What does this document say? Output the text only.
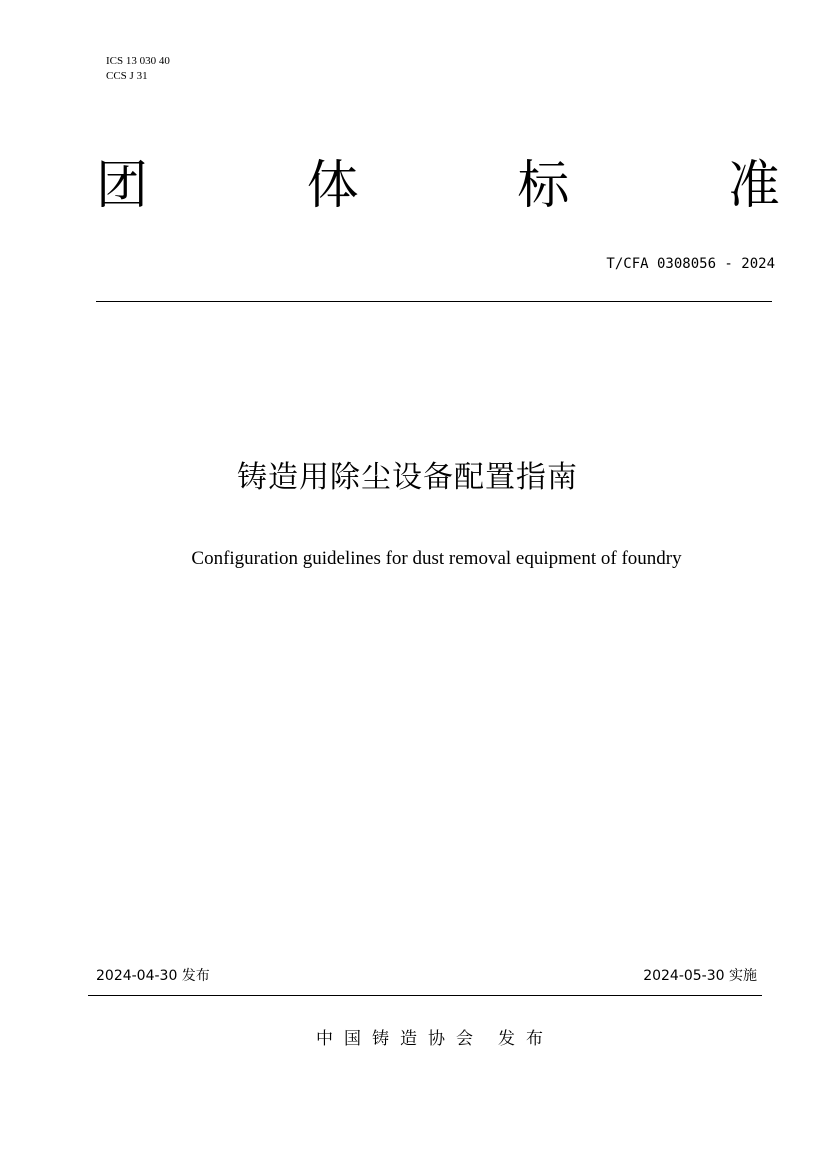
ICS 13 030 40
CCS J 31
团	体	标	准
T/CFA 0308056 - 2024
铸造用除尘设备配置指南
Configuration guidelines for dust removal equipment of foundry
2024-04-30 发布	2024-05-30 实施
中国铸造协会 发布
